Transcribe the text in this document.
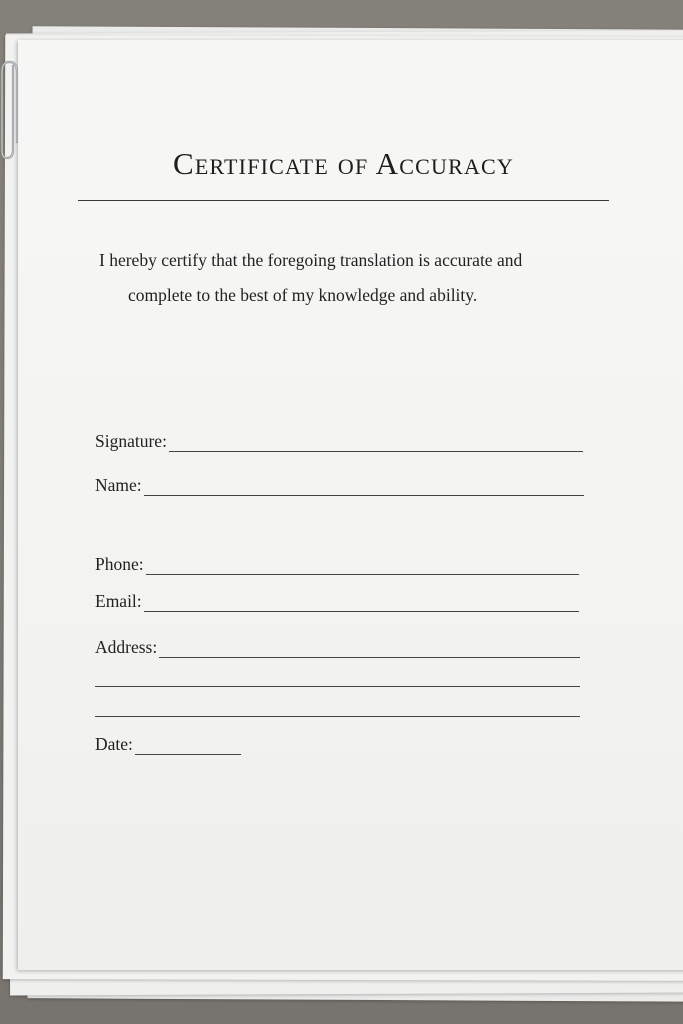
Certificate of Accuracy
I hereby certify that the foregoing translation is accurate and
complete to the best of my knowledge and ability.
Signature:
Name:
Phone:
Email:
Address:
Date:
